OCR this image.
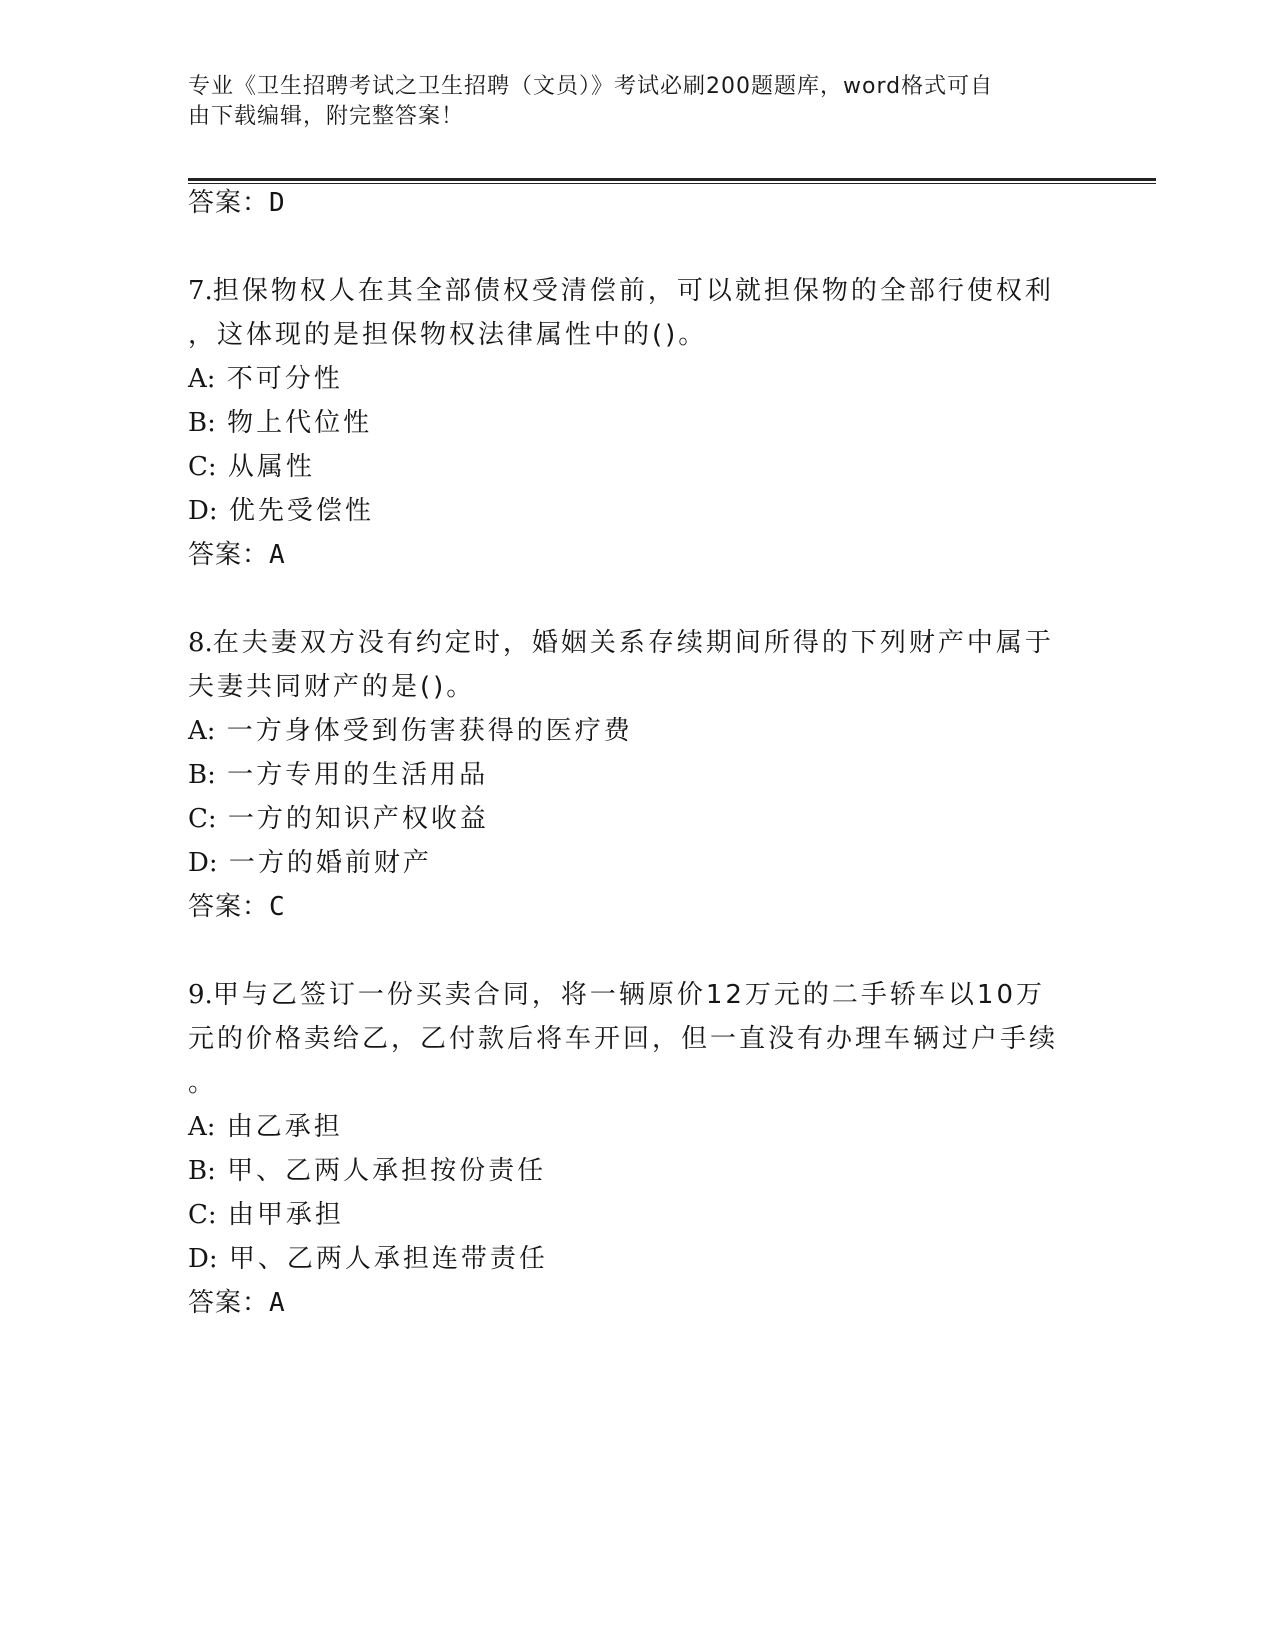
专业《卫生招聘考试之卫生招聘（文员）》考试必刷200题题库，word格式可自
由下载编辑，附完整答案！
答案：D
7.担保物权人在其全部债权受清偿前，可以就担保物的全部行使权利
，这体现的是担保物权法律属性中的()。
A: 不可分性
B: 物上代位性
C: 从属性
D: 优先受偿性
答案：A
8.在夫妻双方没有约定时，婚姻关系存续期间所得的下列财产中属于
夫妻共同财产的是()。
A: 一方身体受到伤害获得的医疗费
B: 一方专用的生活用品
C: 一方的知识产权收益
D: 一方的婚前财产
答案：C
9.甲与乙签订一份买卖合同，将一辆原价12万元的二手轿车以10万
元的价格卖给乙，乙付款后将车开回，但一直没有办理车辆过户手续
。
A: 由乙承担
B: 甲、乙两人承担按份责任
C: 由甲承担
D: 甲、乙两人承担连带责任
答案：A
